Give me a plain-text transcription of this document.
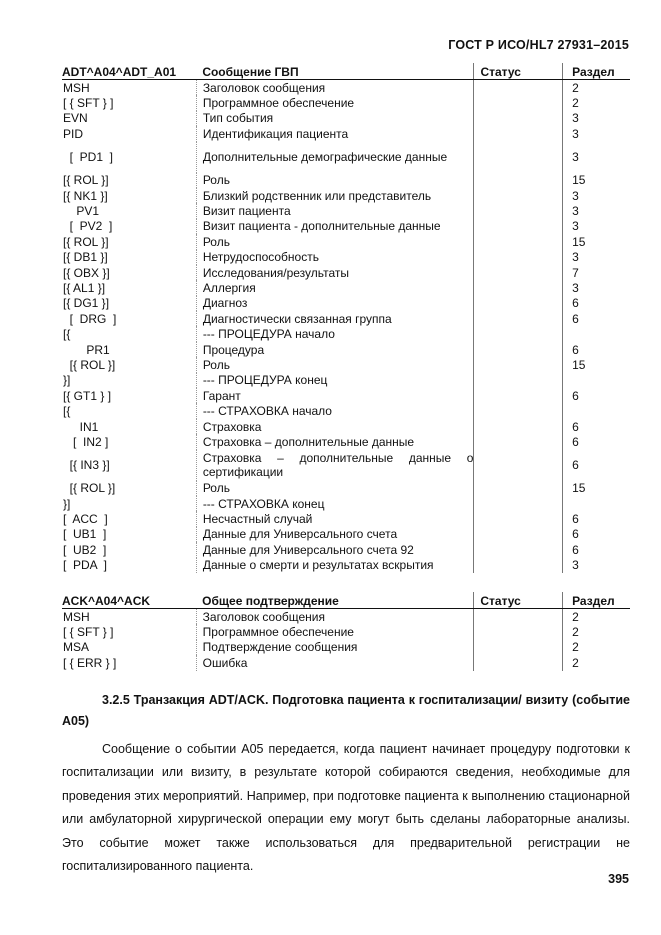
ГОСТ Р ИСО/HL7 27931–2015
ADT^A04^ADT_A01	Сообщение ГВП	Статус	Раздел
MSH	Заголовок сообщения		2
[ { SFT } ]	Программное обеспечение		2
EVN	Тип события		3
PID	Идентификация пациента		3
[  PD1  ]	Дополнительные демографические данные		3
[{ ROL }]	Роль		15
[{ NK1 }]	Близкий родственник или представитель		3
PV1	Визит пациента		3
[  PV2  ]	Визит пациента - дополнительные данные		3
[{ ROL }]	Роль		15
[{ DB1 }]	Нетрудоспособность		3
[{ OBX }]	Исследования/результаты		7
[{ AL1 }]	Аллергия		3
[{ DG1 }]	Диагноз		6
[  DRG  ]	Диагностически связанная группа		6
[{	--- ПРОЦЕДУРА начало		
PR1	Процедура		6
[{ ROL }]	Роль		15
}]	--- ПРОЦЕДУРА конец		
[{ GT1 } ]	Гарант		6
[{	--- СТРАХОВКА начало		
IN1	Страховка		6
[  IN2 ]	Страховка – дополнительные данные		6
[{ IN3 }]	Страховка – дополнительные данные о сертификации		6
[{ ROL }]	Роль		15
}]	--- СТРАХОВКА конец		
[  ACC  ]	Несчастный случай		6
[  UB1  ]	Данные для Универсального счета		6
[  UB2  ]	Данные для Универсального счета 92		6
[  PDA  ]	Данные о смерти и результатах вскрытия		3
ACK^A04^ACK	Общее подтверждение	Статус	Раздел
MSH	Заголовок сообщения		2
[ { SFT } ]	Программное обеспечение		2
MSA	Подтверждение сообщения		2
[ { ERR } ]	Ошибка		2
3.2.5 Транзакция ADT/ACK. Подготовка пациента к госпитализации/ визиту (событие A05)
Сообщение о событии A05 передается, когда пациент начинает процедуру подготовки к госпитализации или визиту, в результате которой собираются сведения, необходимые для проведения этих мероприятий. Например, при подготовке пациента к выполнению стационарной или амбулаторной хирургической операции ему могут быть сделаны лабораторные анализы. Это событие может также использоваться для предварительной регистрации не госпитализированного пациента.
395
